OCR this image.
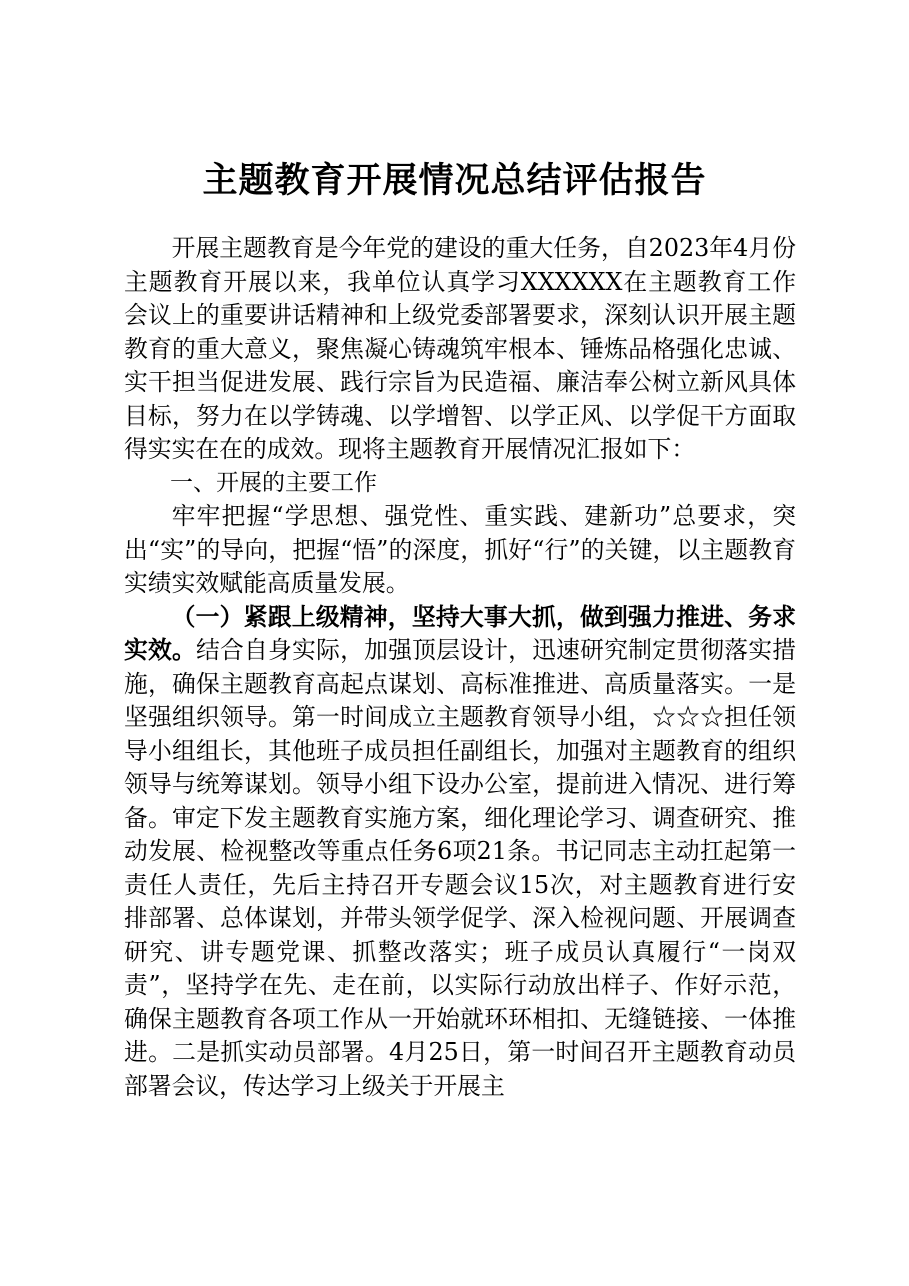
主题教育开展情况总结评估报告

开展主题教育是今年党的建设的重大任务，自2023年4月份主题教育开展以来，我单位认真学习XXXXXX在主题教育工作会议上的重要讲话精神和上级党委部署要求，深刻认识开展主题教育的重大意义，聚焦凝心铸魂筑牢根本、锤炼品格强化忠诚、实干担当促进发展、践行宗旨为民造福、廉洁奉公树立新风具体目标，努力在以学铸魂、以学增智、以学正风、以学促干方面取得实实在在的成效。现将主题教育开展情况汇报如下：

一、开展的主要工作

牢牢把握“学思想、强党性、重实践、建新功”总要求，突出“实”的导向，把握“悟”的深度，抓好“行”的关键，以主题教育实绩实效赋能高质量发展。

（一）紧跟上级精神，坚持大事大抓，做到强力推进、务求实效。结合自身实际，加强顶层设计，迅速研究制定贯彻落实措施，确保主题教育高起点谋划、高标准推进、高质量落实。一是坚强组织领导。第一时间成立主题教育领导小组，☆☆☆担任领导小组组长，其他班子成员担任副组长，加强对主题教育的组织领导与统筹谋划。领导小组下设办公室，提前进入情况、进行筹备。审定下发主题教育实施方案，细化理论学习、调查研究、推动发展、检视整改等重点任务6项21条。书记同志主动扛起第一责任人责任，先后主持召开专题会议15次，对主题教育进行安排部署、总体谋划，并带头领学促学、深入检视问题、开展调查研究、讲专题党课、抓整改落实；班子成员认真履行“一岗双责”，坚持学在先、走在前，以实际行动放出样子、作好示范，确保主题教育各项工作从一开始就环环相扣、无缝链接、一体推进。二是抓实动员部署。4月25日，第一时间召开主题教育动员部署会议，传达学习上级关于开展主
